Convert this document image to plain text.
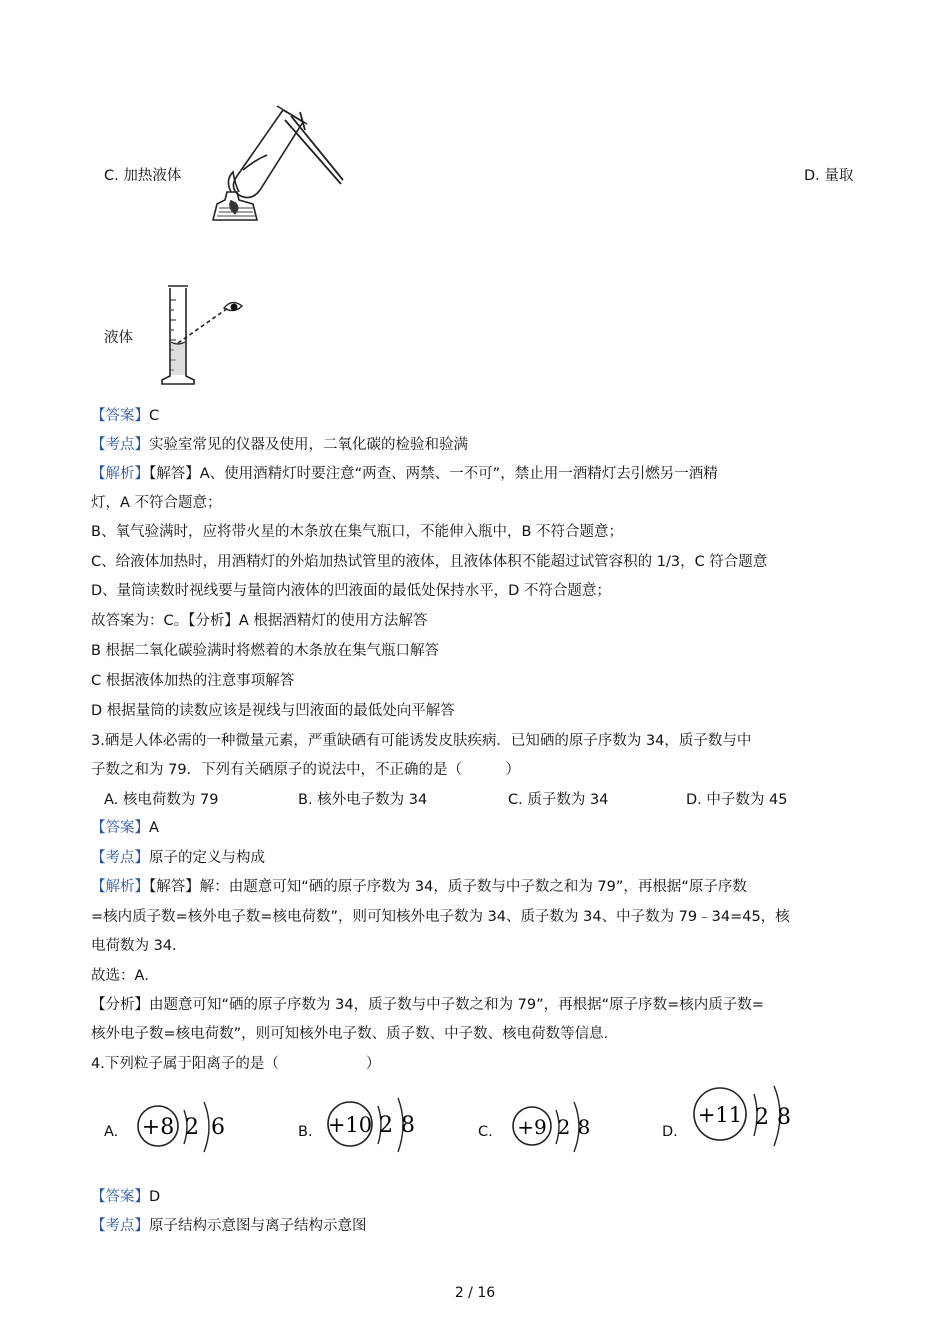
C. 加热液体	D. 量取
液体
【答案】C
【考点】实验室常见的仪器及使用，二氧化碳的检验和验满
【解析】【解答】A、使用酒精灯时要注意“两查、两禁、一不可”，禁止用一酒精灯去引燃另一酒精
灯，A 不符合题意；
B、氧气验满时，应将带火星的木条放在集气瓶口，不能伸入瓶中，B 不符合题意；
C、给液体加热时，用酒精灯的外焰加热试管里的液体，且液体体积不能超过试管容积的 1/3，C 符合题意
D、量筒读数时视线要与量筒内液体的凹液面的最低处保持水平，D 不符合题意；
故答案为：C。【分析】A 根据酒精灯的使用方法解答
B 根据二氧化碳验满时将燃着的木条放在集气瓶口解答
C 根据液体加热的注意事项解答
D 根据量筒的读数应该是视线与凹液面的最低处向平解答
3.硒是人体必需的一种微量元素，严重缺硒有可能诱发皮肤疾病．已知硒的原子序数为 34，质子数与中
子数之和为 79．下列有关硒原子的说法中，不正确的是（　　　）
A. 核电荷数为 79	B. 核外电子数为 34	C. 质子数为 34	D. 中子数为 45
【答案】A
【考点】原子的定义与构成
【解析】【解答】解：由题意可知“硒的原子序数为 34，质子数与中子数之和为 79”，再根据“原子序数
=核内质子数=核外电子数=核电荷数”，则可知核外电子数为 34、质子数为 34、中子数为 79﹣34=45，核
电荷数为 34．
故选：A．
【分析】由题意可知“硒的原子序数为 34，质子数与中子数之和为 79”，再根据“原子序数=核内质子数=
核外电子数=核电荷数”，则可知核外电子数、质子数、中子数、核电荷数等信息．
4.下列粒子属于阳离子的是（　　　　　　）
A. +8 2 6	B. +10 2 8	C. +9 2 8	D.
+11 2 8
【答案】D
【考点】原子结构示意图与离子结构示意图
2 / 16
